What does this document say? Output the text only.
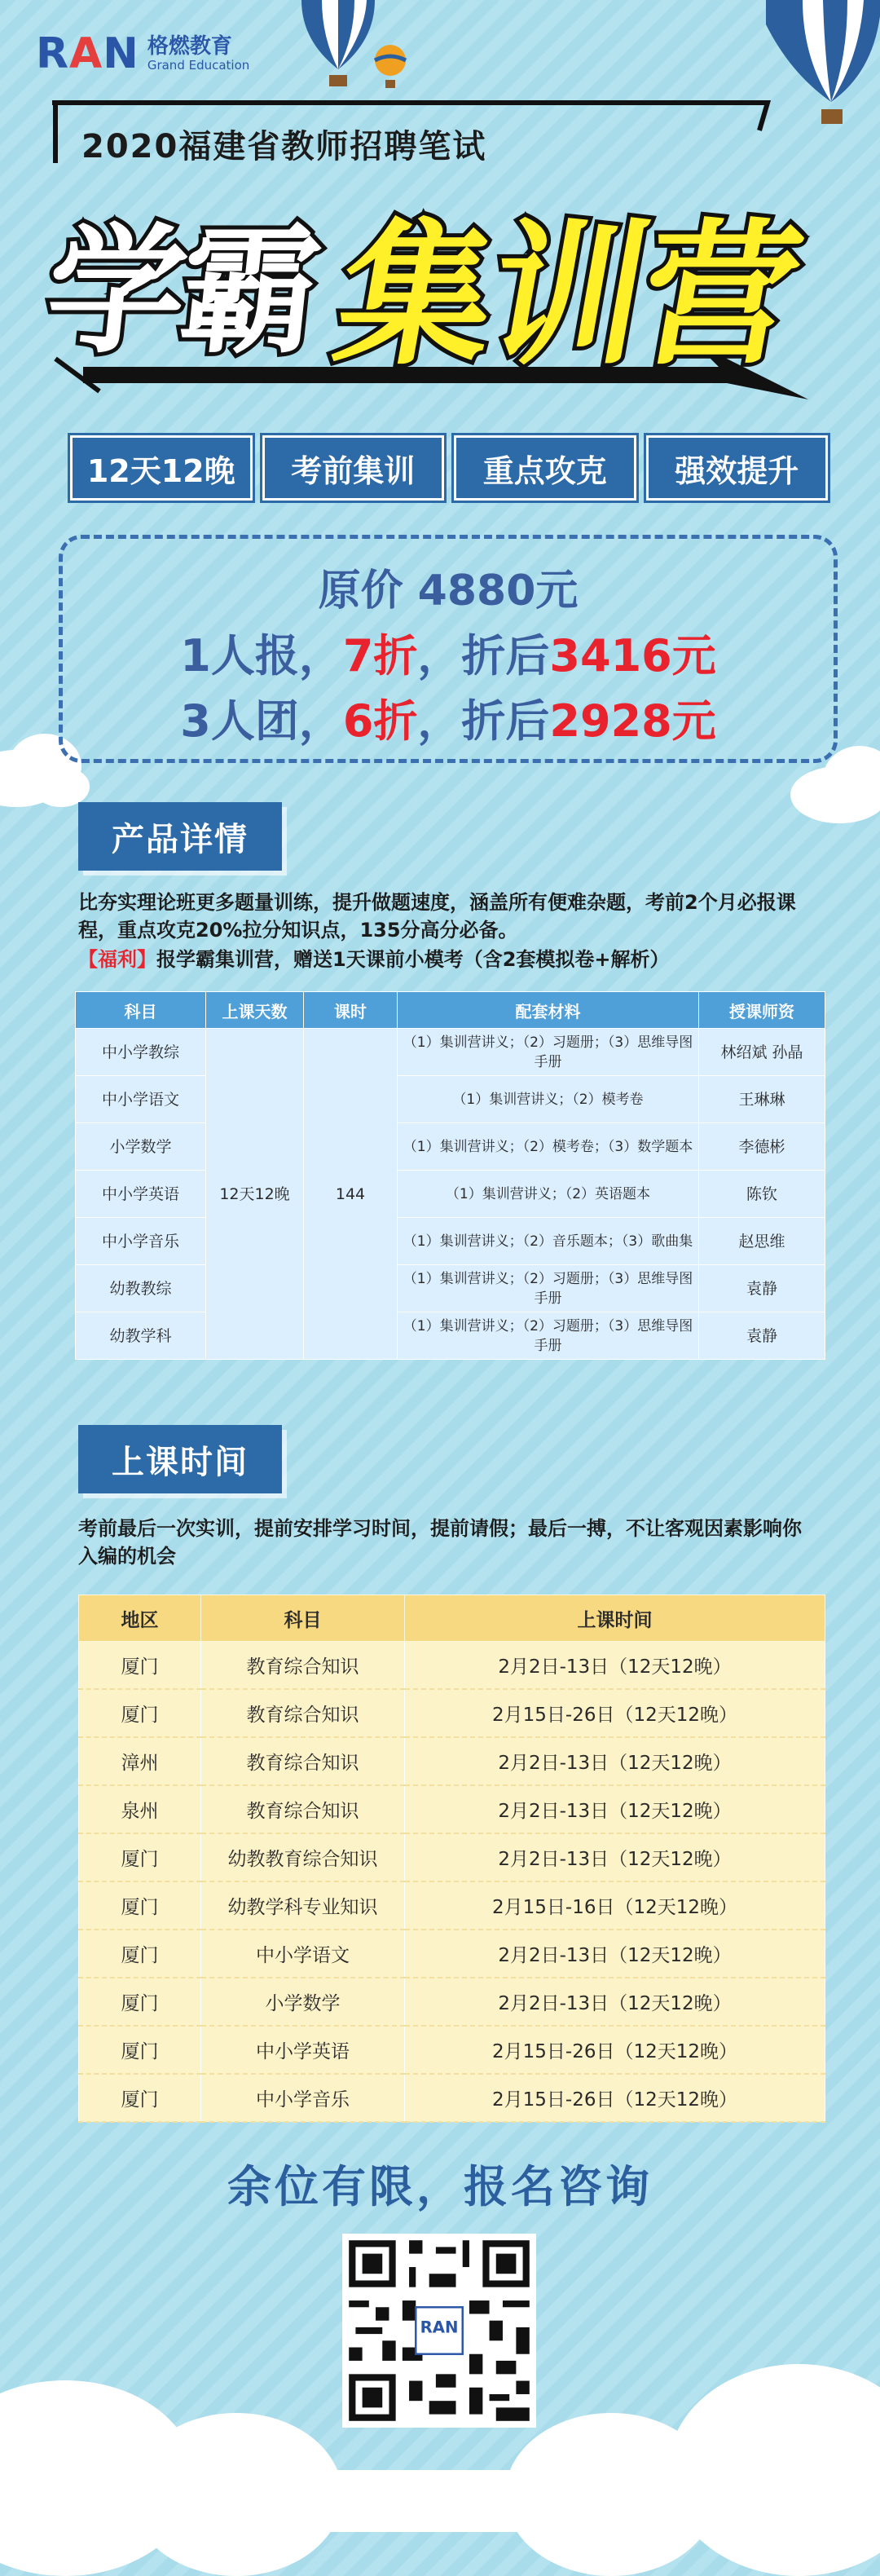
RAN 格燃教育
Grand Education
2020福建省教师招聘笔试
学霸 集训营
12天12晚	考前集训	重点攻克	强效提升
原价 4880元
1人报，7折，折后3416元
3人团，6折，折后2928元
产品详情
比夯实理论班更多题量训练，提升做题速度，涵盖所有便难杂题，考前2个月必报课程，重点攻克20%拉分知识点，135分高分必备。
【福利】报学霸集训营，赠送1天课前小模考（含2套模拟卷+解析）
科目	上课天数	课时	配套材料	授课师资
中小学教综	12天12晚	144	（1）集训营讲义；（2）习题册；（3）思维导图手册	林绍斌 孙晶
中小学语文			（1）集训营讲义；（2）模考卷	王琳琳
小学数学			（1）集训营讲义；（2）模考卷；（3）数学题本	李德彬
中小学英语			（1）集训营讲义；（2）英语题本	陈钦
中小学音乐			（1）集训营讲义；（2）音乐题本；（3）歌曲集	赵思维
幼教教综			（1）集训营讲义；（2）习题册；（3）思维导图手册	袁静
幼教学科			（1）集训营讲义；（2）习题册；（3）思维导图手册	袁静
上课时间
考前最后一次实训，提前安排学习时间，提前请假；最后一搏，不让客观因素影响你入编的机会
地区	科目	上课时间
厦门	教育综合知识	2月2日-13日（12天12晚）
厦门	教育综合知识	2月15日-26日（12天12晚）
漳州	教育综合知识	2月2日-13日（12天12晚）
泉州	教育综合知识	2月2日-13日（12天12晚）
厦门	幼教教育综合知识	2月2日-13日（12天12晚）
厦门	幼教学科专业知识	2月15日-16日（12天12晚）
厦门	中小学语文	2月2日-13日（12天12晚）
厦门	小学数学	2月2日-13日（12天12晚）
厦门	中小学英语	2月15日-26日（12天12晚）
厦门	中小学音乐	2月15日-26日（12天12晚）
余位有限，报名咨询
RAN
